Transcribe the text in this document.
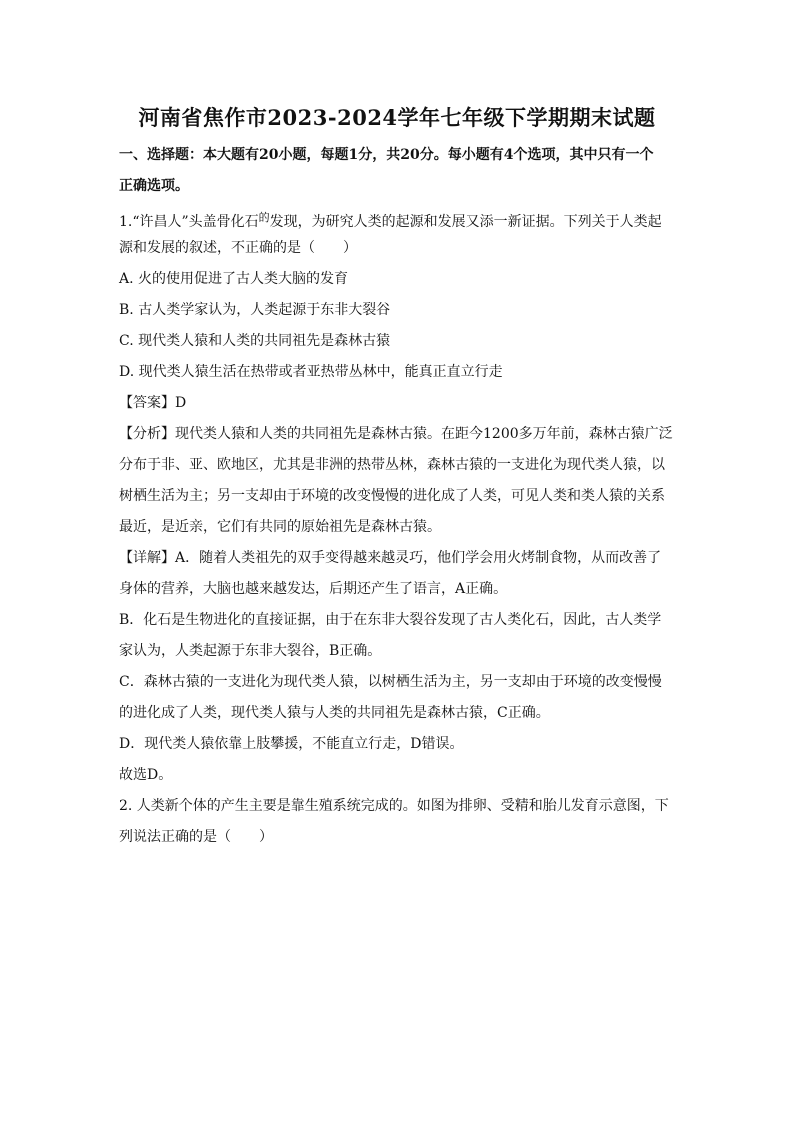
河南省焦作市2023-2024学年七年级下学期期末试题
一、选择题：本大题有20小题，每题1分，共20分。每小题有4个选项，其中只有一个
正确选项。
1.“许昌人”头盖骨化石$^的$发现，为研究人类的起源和发展又添一新证据。下列关于人类起
源和发展的叙述，不正确的是（　　）
A. 火的使用促进了古人类大脑的发育
B. 古人类学家认为，人类起源于东非大裂谷
C. 现代类人猿和人类的共同祖先是森林古猿
D. 现代类人猿生活在热带或者亚热带丛林中，能真正直立行走
【答案】D
【分析】现代类人猿和人类的共同祖先是森林古猿。在距今1200多万年前，森林古猿广泛
分布于非、亚、欧地区，尤其是非洲的热带丛林，森林古猿的一支进化为现代类人猿，以
树栖生活为主；另一支却由于环境的改变慢慢的进化成了人类，可见人类和类人猿的关系
最近，是近亲，它们有共同的原始祖先是森林古猿。
【详解】A．随着人类祖先的双手变得越来越灵巧，他们学会用火烤制食物，从而改善了
身体的营养，大脑也越来越发达，后期还产生了语言，A正确。
B．化石是生物进化的直接证据，由于在东非大裂谷发现了古人类化石，因此，古人类学
家认为，人类起源于东非大裂谷，B正确。
C．森林古猿的一支进化为现代类人猿，以树栖生活为主，另一支却由于环境的改变慢慢
的进化成了人类，现代类人猿与人类的共同祖先是森林古猿，C正确。
D．现代类人猿依靠上肢攀援，不能直立行走，D错误。
故选D。
2. 人类新个体的产生主要是靠生殖系统完成的。如图为排卵、受精和胎儿发育示意图，下
列说法正确的是（　　）
